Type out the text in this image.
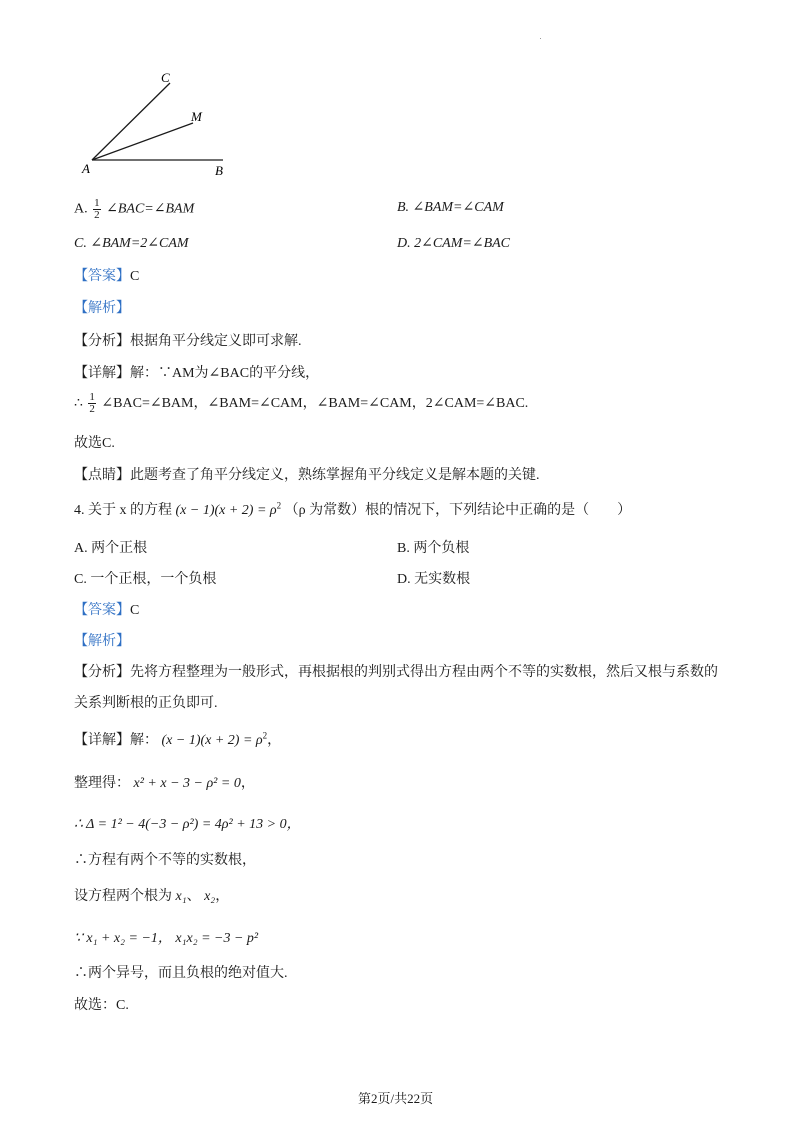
C
M
A	B
A. $\frac{1}{2}$ ∠BAC=∠BAM	B. ∠BAM=∠CAM
C. ∠BAM=2∠CAM	D. 2∠CAM=∠BAC
【答案】C
【解析】
【分析】根据角平分线定义即可求解.
【详解】解：∵AM为∠BAC的平分线，
∴ $\frac{1}{2}$ ∠BAC=∠BAM，∠BAM=∠CAM，∠BAM=∠CAM，2∠CAM=∠BAC.
故选C.
【点睛】此题考查了角平分线定义，熟练掌握角平分线定义是解本题的关键.
4. 关于 x 的方程 $(x - 1)(x + 2) = \rho^2$ （ρ 为常数）根的情况下，下列结论中正确的是（　　）
A. 两个正根	B. 两个负根
C. 一个正根，一个负根	D. 无实数根
【答案】C
【解析】
【分析】先将方程整理为一般形式，再根据根的判别式得出方程由两个不等的实数根，然后又根与系数的
关系判断根的正负即可.
【详解】解： $(x - 1)(x + 2) = \rho^2$，
整理得： x² + x − 3 − ρ² = 0，
∴ Δ = 1² − 4(−3 − ρ²) = 4ρ² + 13 > 0，
∴方程有两个不等的实数根，
设方程两个根为 x₁、 x₂，
∵ x₁ + x₂ = −1， x₁x₂ = −3 − p²
∴两个异号，而且负根的绝对值大.
故选：C.
第2页/共22页
